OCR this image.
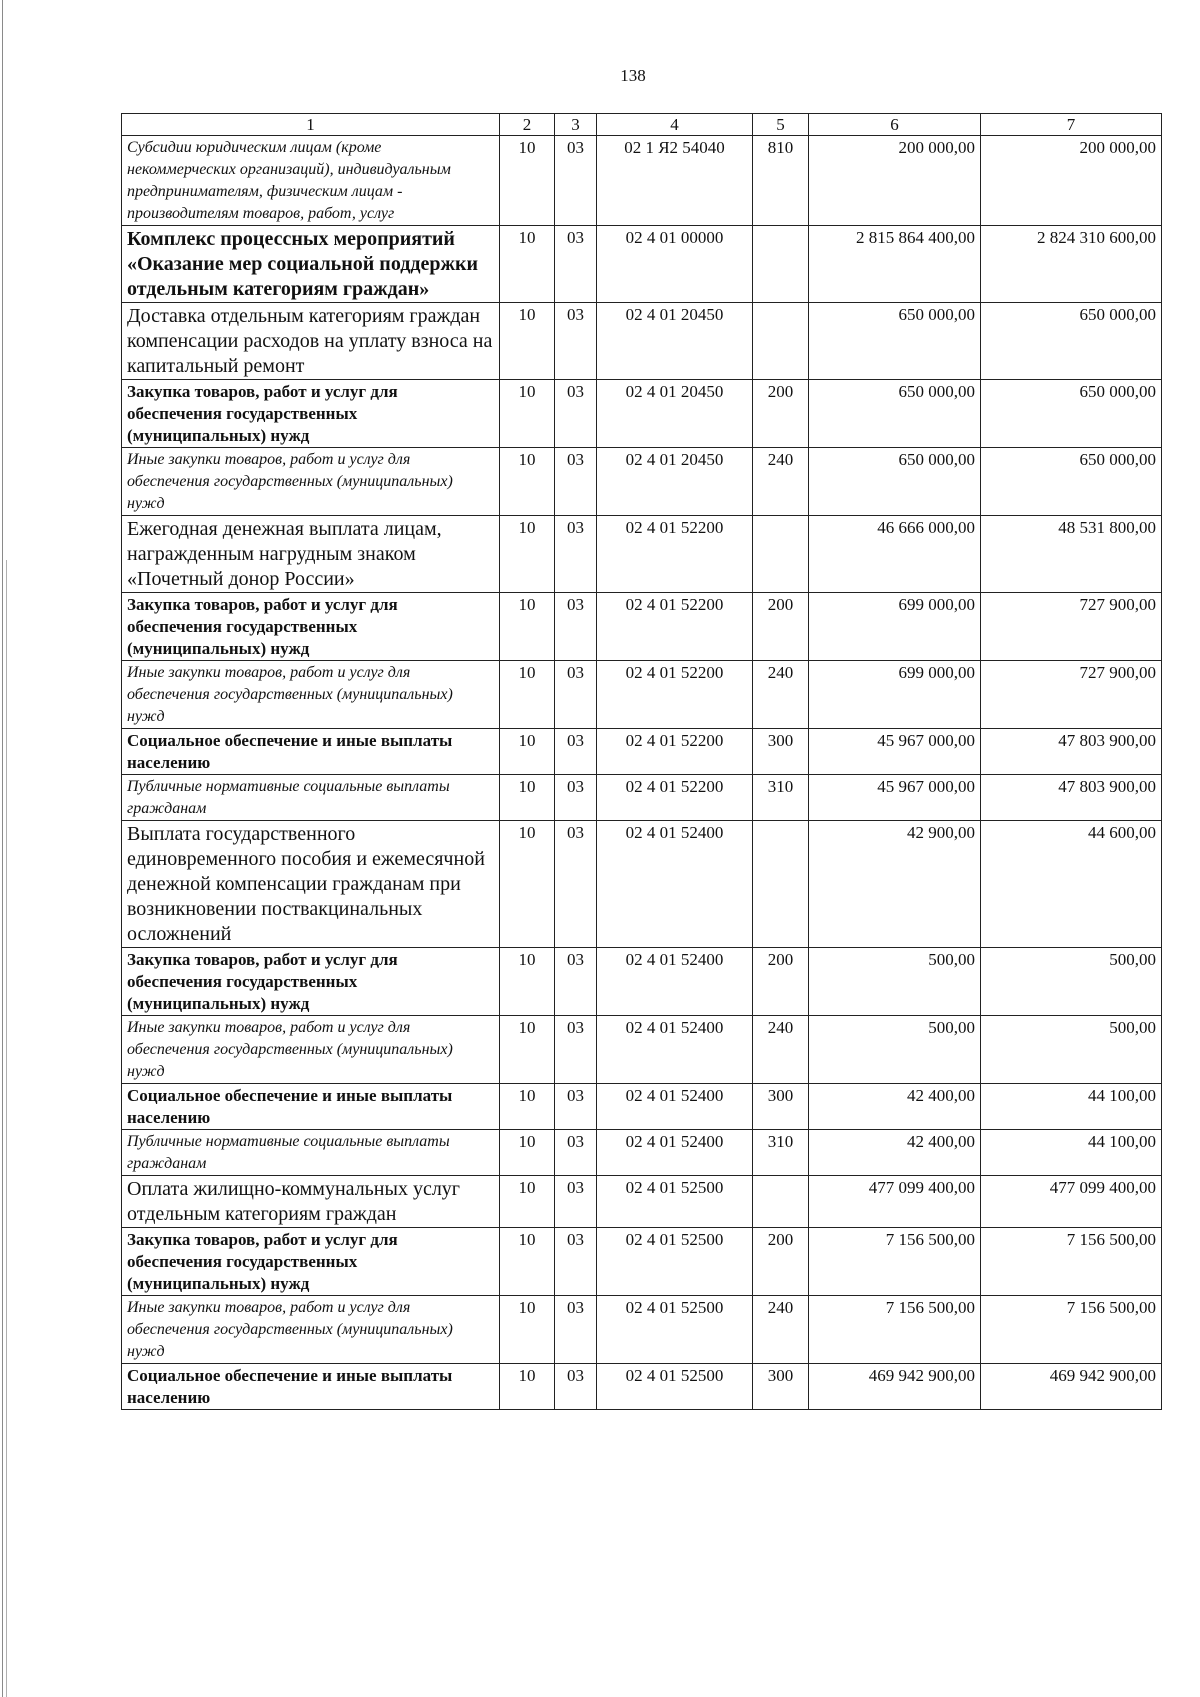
138
1	2	3	4	5	6	7
Субсидии юридическим лицам (кроме некоммерческих организаций), индивидуальным предпринимателям, физическим лицам - производителям товаров, работ, услуг	10	03	02 1 Я2 54040	810	200 000,00	200 000,00
Комплекс процессных мероприятий «Оказание мер социальной поддержки отдельным категориям граждан»	10	03	02 4 01 00000		2 815 864 400,00	2 824 310 600,00
Доставка отдельным категориям граждан компенсации расходов на уплату взноса на капитальный ремонт	10	03	02 4 01 20450		650 000,00	650 000,00
Закупка товаров, работ и услуг для обеспечения государственных (муниципальных) нужд	10	03	02 4 01 20450	200	650 000,00	650 000,00
Иные закупки товаров, работ и услуг для обеспечения государственных (муниципальных) нужд	10	03	02 4 01 20450	240	650 000,00	650 000,00
Ежегодная денежная выплата лицам, награжденным нагрудным знаком «Почетный донор России»	10	03	02 4 01 52200		46 666 000,00	48 531 800,00
Закупка товаров, работ и услуг для обеспечения государственных (муниципальных) нужд	10	03	02 4 01 52200	200	699 000,00	727 900,00
Иные закупки товаров, работ и услуг для обеспечения государственных (муниципальных) нужд	10	03	02 4 01 52200	240	699 000,00	727 900,00
Социальное обеспечение и иные выплаты населению	10	03	02 4 01 52200	300	45 967 000,00	47 803 900,00
Публичные нормативные социальные выплаты гражданам	10	03	02 4 01 52200	310	45 967 000,00	47 803 900,00
Выплата государственного единовременного пособия и ежемесячной денежной компенсации гражданам при возникновении поствакцинальных осложнений	10	03	02 4 01 52400		42 900,00	44 600,00
Закупка товаров, работ и услуг для обеспечения государственных (муниципальных) нужд	10	03	02 4 01 52400	200	500,00	500,00
Иные закупки товаров, работ и услуг для обеспечения государственных (муниципальных) нужд	10	03	02 4 01 52400	240	500,00	500,00
Социальное обеспечение и иные выплаты населению	10	03	02 4 01 52400	300	42 400,00	44 100,00
Публичные нормативные социальные выплаты гражданам	10	03	02 4 01 52400	310	42 400,00	44 100,00
Оплата жилищно-коммунальных услуг отдельным категориям граждан	10	03	02 4 01 52500		477 099 400,00	477 099 400,00
Закупка товаров, работ и услуг для обеспечения государственных (муниципальных) нужд	10	03	02 4 01 52500	200	7 156 500,00	7 156 500,00
Иные закупки товаров, работ и услуг для обеспечения государственных (муниципальных) нужд	10	03	02 4 01 52500	240	7 156 500,00	7 156 500,00
Социальное обеспечение и иные выплаты населению	10	03	02 4 01 52500	300	469 942 900,00	469 942 900,00
